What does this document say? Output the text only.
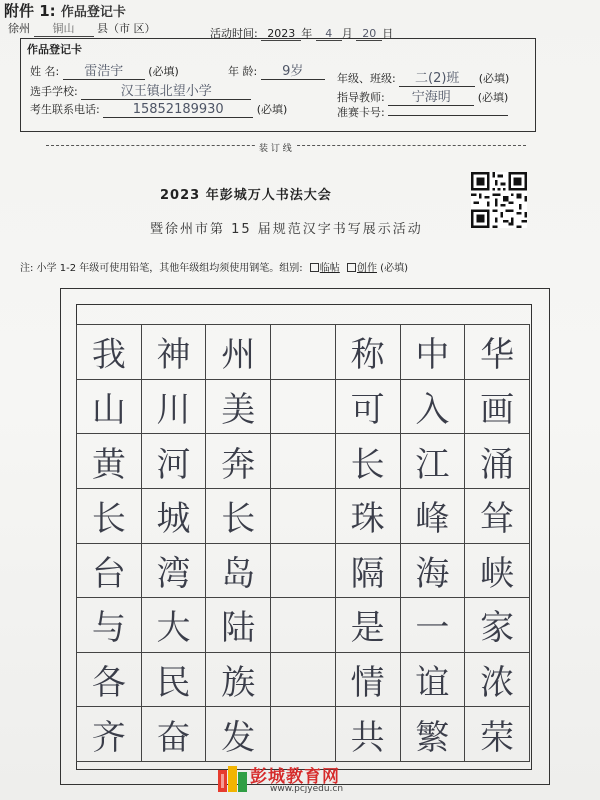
附件 1: 作品登记卡
徐州 铜山 县（市 区）	活动时间: 2023 年 4 月 20 日
作品登记卡
姓 名: 雷浩宇 (必填)	年 龄: 9岁	年级、班级: 二(2)班 (必填)
选手学校:	汉王镇北望小学	指导教师: 宁海明 (必填)
考生联系电话:	15852189930	(必填)	准赛卡号:
装 订 线
2023 年彭城万人书法大会
暨徐州市第 15 届规范汉字书写展示活动
注: 小学 1-2 年级可使用铅笔，其他年级组均须使用钢笔。组别: 临帖 创作 (必填)
我	神	州		称	中	华
山	川	美		可	入	画
黄	河	奔		长	江	涌
长	城	长		珠	峰	耸
台	湾	岛		隔	海	峡
与	大	陆		是	一	家
各	民	族		情	谊	浓
齐	奋	发		共	繁	荣
彭城教育网
www.pcjyedu.cn
